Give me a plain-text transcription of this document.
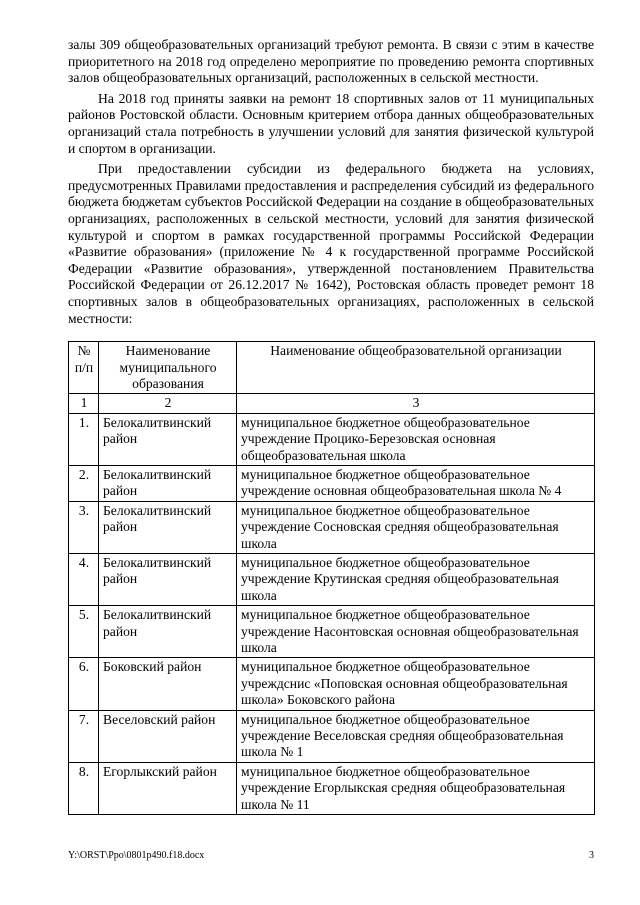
залы 309 общеобразовательных организаций требуют ремонта. В связи с этим в качестве приоритетного на 2018 год определено мероприятие по проведению ремонта спортивных залов общеобразовательных организаций, расположенных в сельской местности.

На 2018 год приняты заявки на ремонт 18 спортивных залов от 11 муниципальных районов Ростовской области. Основным критерием отбора данных общеобразовательных организаций стала потребность в улучшении условий для занятия физической культурой и спортом в организации.

При предоставлении субсидии из федерального бюджета на условиях, предусмотренных Правилами предоставления и распределения субсидий из федерального бюджета бюджетам субъектов Российской Федерации на создание в общеобразовательных организациях, расположенных в сельской местности, условий для занятия физической культурой и спортом в рамках государственной программы Российской Федерации «Развитие образования» (приложение № 4 к государственной программе Российской Федерации «Развитие образования», утвержденной постановлением Правительства Российской Федерации от 26.12.2017 № 1642), Ростовская область проведет ремонт 18 спортивных залов в общеобразовательных организациях, расположенных в сельской местности:

№ п/п	Наименование муниципального образования	Наименование общеобразовательной организации
1	2	3
1.	Белокалитвинский район	муниципальное бюджетное общеобразовательное учреждение Процико-Березовская основная общеобразовательная школа
2.	Белокалитвинский район	муниципальное бюджетное общеобразовательное учреждение основная общеобразовательная школа № 4
3.	Белокалитвинский район	муниципальное бюджетное общеобразовательное учреждение Сосновская средняя общеобразовательная школа
4.	Белокалитвинский район	муниципальное бюджетное общеобразовательное учреждение Крутинская средняя общеобразовательная школа
5.	Белокалитвинский район	муниципальное бюджетное общеобразовательное учреждение Насонтовская основная общеобразовательная школа
6.	Боковский район	муниципальное бюджетное общеобразовательное учреждснис «Поповская основная общеобразовательная школа» Боковского района
7.	Веселовский район	муниципальное бюджетное общеобразовательное учреждение Веселовская средняя общеобразовательная школа № 1
8.	Егорлыкский район	муниципальное бюджетное общеобразовательное учреждение Егорлыкская средняя общеобразовательная школа № 11
Y:\ORST\Ppo\0801p490.f18.docx	3
